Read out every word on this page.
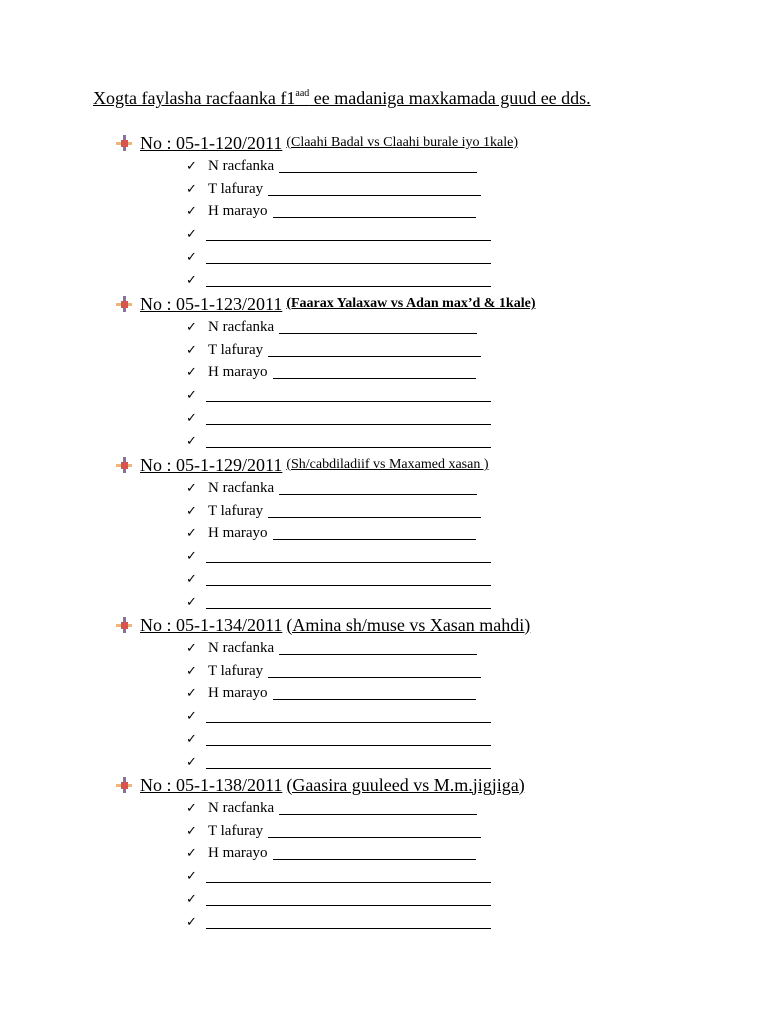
Xogta faylasha racfaanka $f1^{aad}$ ee madaniga maxkamada guud ee dds.
No : 05-1-120/2011 (Claahi Badal vs Claahi burale iyo 1kale)
✓ N racfanka
✓ T lafuray
✓ H marayo
✓
✓
✓
No : 05-1-123/2011 (Faarax Yalaxaw vs Adan max’d & 1kale)
✓ N racfanka
✓ T lafuray
✓ H marayo
✓
✓
✓
No : 05-1-129/2011 (Sh/cabdiladiif vs Maxamed xasan )
✓ N racfanka
✓ T lafuray
✓ H marayo
✓
✓
✓
No : 05-1-134/2011 (Amina sh/muse vs Xasan mahdi)
✓ N racfanka
✓ T lafuray
✓ H marayo
✓
✓
✓
No : 05-1-138/2011 (Gaasira guuleed vs M.m.jigjiga)
✓ N racfanka
✓ T lafuray
✓ H marayo
✓
✓
✓
